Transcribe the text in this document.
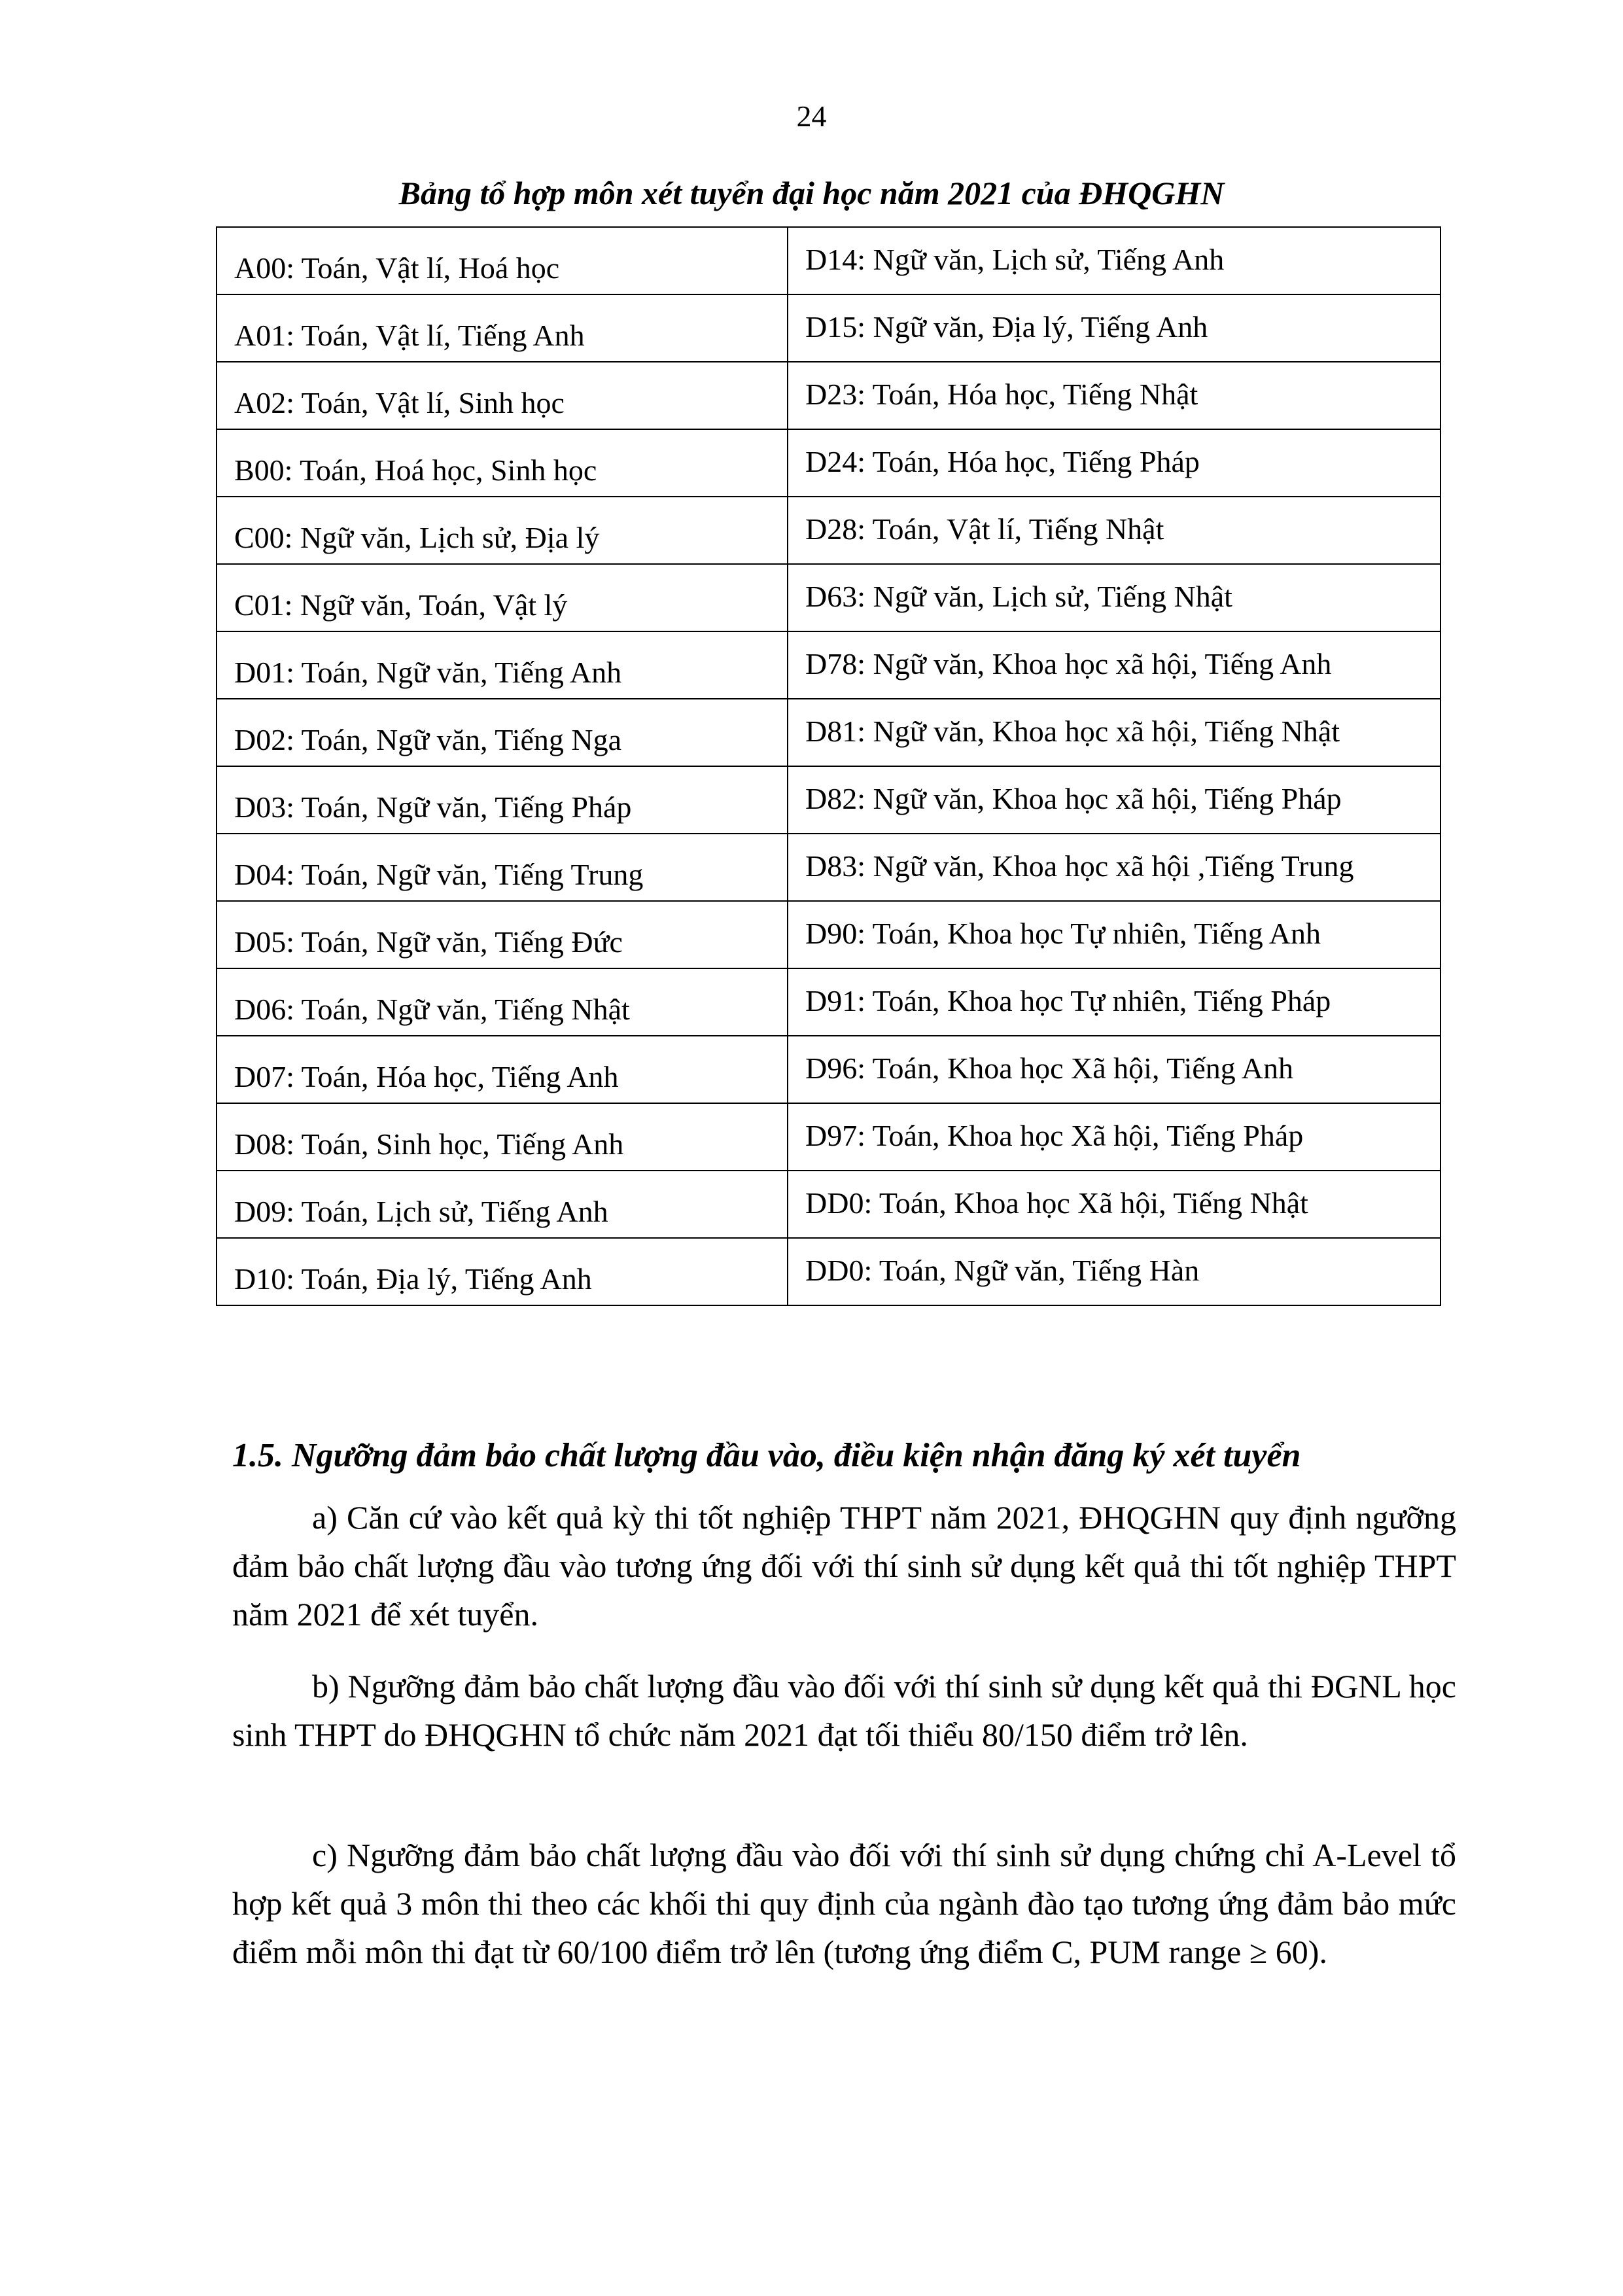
24
Bảng tổ hợp môn xét tuyển đại học năm 2021 của ĐHQGHN
A00: Toán, Vật lí, Hoá học	D14: Ngữ văn, Lịch sử, Tiếng Anh
A01: Toán, Vật lí, Tiếng Anh	D15: Ngữ văn, Địa lý, Tiếng Anh
A02: Toán, Vật lí, Sinh học	D23: Toán, Hóa học, Tiếng Nhật
B00: Toán, Hoá học, Sinh học	D24: Toán, Hóa học, Tiếng Pháp
C00: Ngữ văn, Lịch sử, Địa lý	D28: Toán, Vật lí, Tiếng Nhật
C01: Ngữ văn, Toán, Vật lý	D63: Ngữ văn, Lịch sử, Tiếng Nhật
D01: Toán, Ngữ văn, Tiếng Anh	D78: Ngữ văn, Khoa học xã hội, Tiếng Anh
D02: Toán, Ngữ văn, Tiếng Nga	D81: Ngữ văn, Khoa học xã hội, Tiếng Nhật
D03: Toán, Ngữ văn, Tiếng Pháp	D82: Ngữ văn, Khoa học xã hội, Tiếng Pháp
D04: Toán, Ngữ văn, Tiếng Trung	D83: Ngữ văn, Khoa học xã hội ,Tiếng Trung
D05: Toán, Ngữ văn, Tiếng Đức	D90: Toán, Khoa học Tự nhiên, Tiếng Anh
D06: Toán, Ngữ văn, Tiếng Nhật	D91: Toán, Khoa học Tự nhiên, Tiếng Pháp
D07: Toán, Hóa học, Tiếng Anh	D96: Toán, Khoa học Xã hội, Tiếng Anh
D08: Toán, Sinh học, Tiếng Anh	D97: Toán, Khoa học Xã hội, Tiếng Pháp
D09: Toán, Lịch sử, Tiếng Anh	DD0: Toán, Khoa học Xã hội, Tiếng Nhật
D10: Toán, Địa lý, Tiếng Anh	DD0: Toán, Ngữ văn, Tiếng Hàn
1.5. Ngưỡng đảm bảo chất lượng đầu vào, điều kiện nhận đăng ký xét tuyển

a) Căn cứ vào kết quả kỳ thi tốt nghiệp THPT năm 2021, ĐHQGHN quy định ngưỡng đảm bảo chất lượng đầu vào tương ứng đối với thí sinh sử dụng kết quả thi tốt nghiệp THPT năm 2021 để xét tuyển.

b) Ngưỡng đảm bảo chất lượng đầu vào đối với thí sinh sử dụng kết quả thi ĐGNL học sinh THPT do ĐHQGHN tổ chức năm 2021 đạt tối thiểu 80/150 điểm trở lên.

c) Ngưỡng đảm bảo chất lượng đầu vào đối với thí sinh sử dụng chứng chỉ A-Level tổ hợp kết quả 3 môn thi theo các khối thi quy định của ngành đào tạo tương ứng đảm bảo mức điểm mỗi môn thi đạt từ 60/100 điểm trở lên (tương ứng điểm C, PUM range ≥ 60).
